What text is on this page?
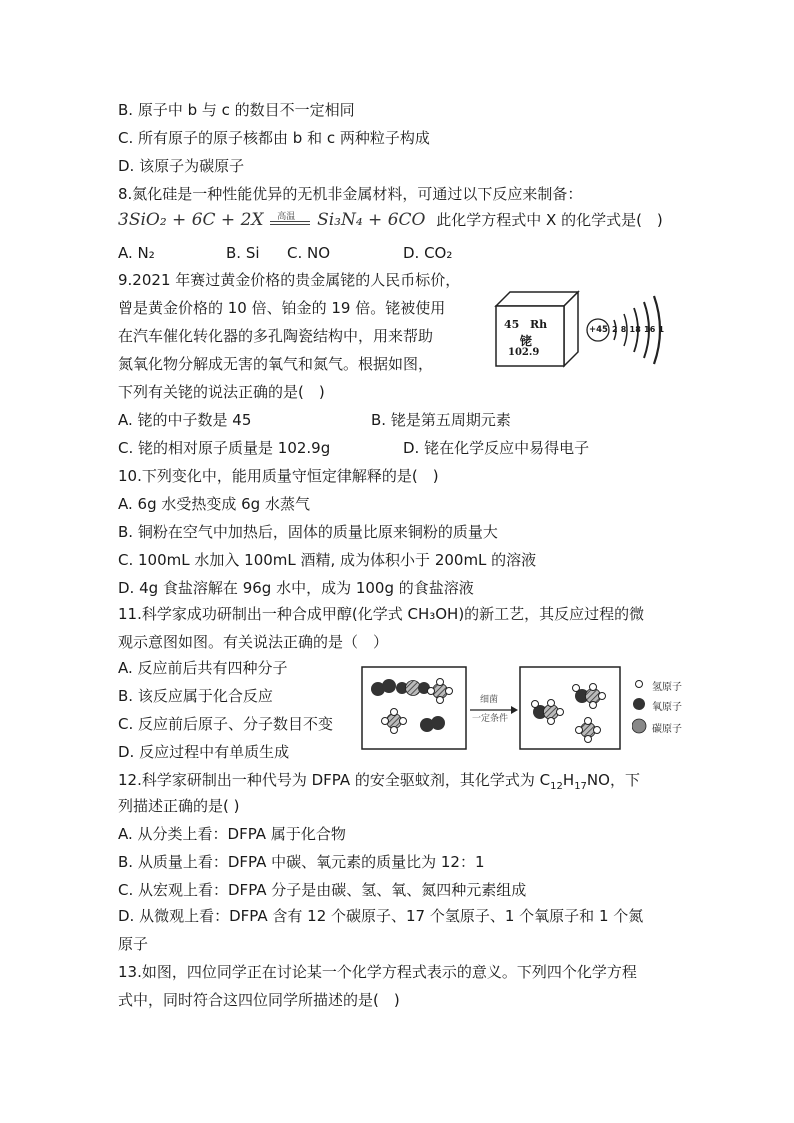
B. 原子中 b 与 c 的数目不一定相同
C. 所有原子的原子核都由 b 和 c 两种粒子构成
D. 该原子为碳原子
8.氮化硅是一种性能优异的无机非金属材料，可通过以下反应来制备：
3SiO₂ + 6C + 2X 高温 Si₃N₄ + 6CO 此化学方程式中 X 的化学式是(　)
A. N₂	B. Si C. NO	D. CO₂
9.2021 年赛过黄金价格的贵金属铑的人民币标价，
曾是黄金价格的 10 倍、铂金的 19 倍。铑被使用
在汽车催化转化器的多孔陶瓷结构中，用来帮助
氮氧化物分解成无害的氧气和氮气。根据如图，
下列有关铑的说法正确的是(　)
45 Rh
铑
102.9
+45 2 8 18 16 1
A. 铑的中子数是 45	B. 铑是第五周期元素
C. 铑的相对原子质量是 102.9g	D. 铑在化学反应中易得电子
10.下列变化中，能用质量守恒定律解释的是(　)
A. 6g 水受热变成 6g 水蒸气
B. 铜粉在空气中加热后，固体的质量比原来铜粉的质量大
C. 100mL 水加入 100mL 酒精, 成为体积小于 200mL 的溶液
D. 4g 食盐溶解在 96g 水中，成为 100g 的食盐溶液
11.科学家成功研制出一种合成甲醇(化学式 CH₃OH)的新工艺，其反应过程的微
观示意图如图。有关说法正确的是（　）
A. 反应前后共有四种分子
B. 该反应属于化合反应
C. 反应前后原子、分子数目不变
D. 反应过程中有单质生成
细菌
一定条件
氢原子
氧原子
碳原子
12.科学家研制出一种代号为 DFPA 的安全驱蚊剂，其化学式为 $C_{12}H_{17}NO$，下
列描述正确的是( )
A. 从分类上看：DFPA 属于化合物
B. 从质量上看：DFPA 中碳、氧元素的质量比为 12：1
C. 从宏观上看：DFPA 分子是由碳、氢、氧、氮四种元素组成
D. 从微观上看：DFPA 含有 12 个碳原子、17 个氢原子、1 个氧原子和 1 个氮
原子
13.如图，四位同学正在讨论某一个化学方程式表示的意义。下列四个化学方程
式中，同时符合这四位同学所描述的是(　)
